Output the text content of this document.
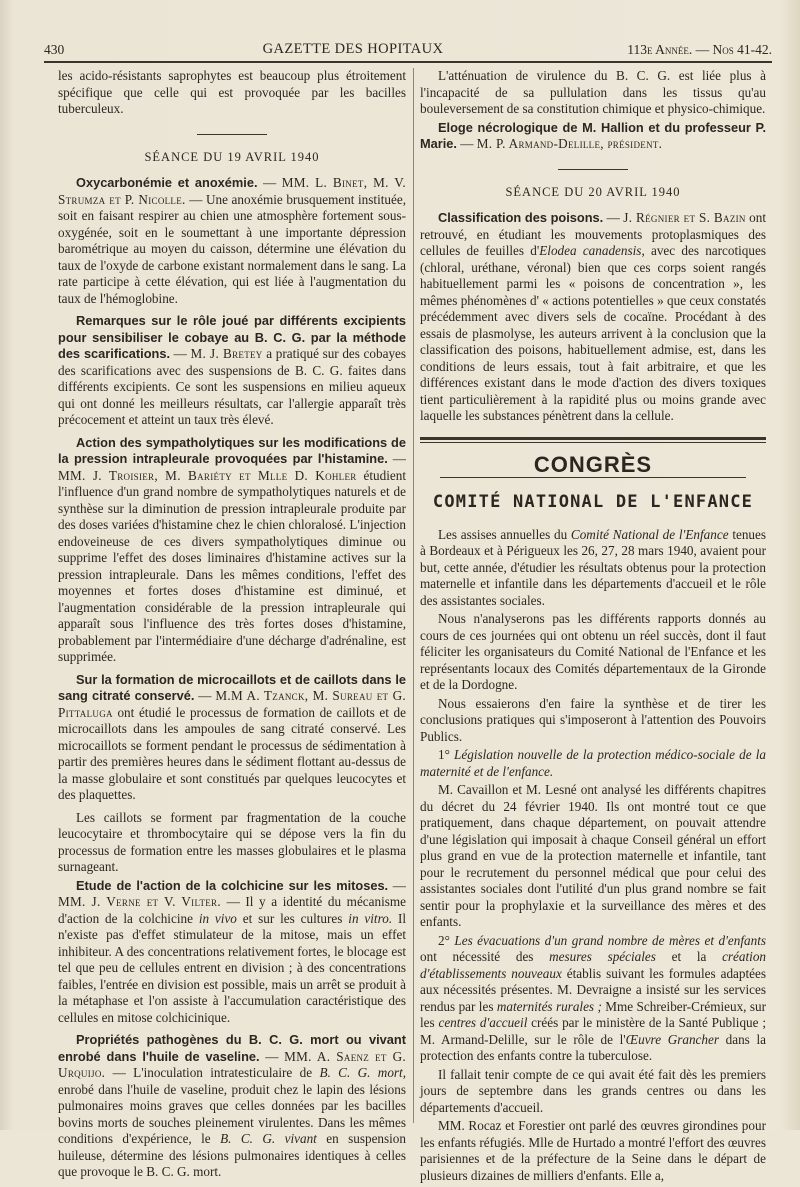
430	GAZETTE DES HOPITAUX	113e Année. — Nos 41-42.

les acido-résistants saprophytes est beaucoup plus étroitement spécifique que celle qui est provoquée par les bacilles tuberculeux.

SÉANCE DU 19 AVRIL 1940

Oxycarbonémie et anoxémie. — MM. L. Binet, M. V. Strumza et P. Nicolle. — Une anoxémie brusquement instituée, soit en faisant respirer au chien une atmosphère fortement sous-oxygénée, soit en le soumettant à une importante dépression barométrique au moyen du caisson, détermine une élévation du taux de l'oxyde de carbone existant normalement dans le sang. La rate participe à cette élévation, qui est liée à l'augmentation du taux de l'hémoglobine.

Remarques sur le rôle joué par différents excipients pour sensibiliser le cobaye au B. C. G. par la méthode des scarifications. — M. J. Bretey a pratiqué sur des cobayes des scarifications avec des suspensions de B. C. G. faites dans différents excipients. Ce sont les suspensions en milieu aqueux qui ont donné les meilleurs résultats, car l'allergie apparaît très précocement et atteint un taux très élevé.

Action des sympatholytiques sur les modifications de la pression intrapleurale provoquées par l'histamine. — MM. J. Troisier, M. Bariéty et Mlle D. Kohler étudient l'influence d'un grand nombre de sympatholytiques naturels et de synthèse sur la diminution de pression intrapleurale produite par des doses variées d'histamine chez le chien chloralosé. L'injection endoveineuse de ces divers sympatholytiques diminue ou supprime l'effet des doses liminaires d'histamine actives sur la pression intrapleurale. Dans les mêmes conditions, l'effet des moyennes et fortes doses d'histamine est diminué, et l'augmentation considérable de la pression intrapleurale qui apparaît sous l'influence des très fortes doses d'histamine, probablement par l'intermédiaire d'une décharge d'adrénaline, est supprimée.

Sur la formation de microcaillots et de caillots dans le sang citraté conservé. — M.M A. Tzanck, M. Sureau et G. Pittaluga ont étudié le processus de formation de caillots et de microcaillots dans les ampoules de sang citraté conservé. Les microcaillots se forment pendant le processus de sédimentation à partir des premières heures dans le sédiment flottant au-dessus de la masse globulaire et sont constitués par quelques leucocytes et des plaquettes.

Les caillots se forment par fragmentation de la couche leucocytaire et thrombocytaire qui se dépose vers la fin du processus de formation entre les masses globulaires et le plasma surnageant.

Etude de l'action de la colchicine sur les mitoses. — MM. J. Verne et V. Vilter. — Il y a identité du mécanisme d'action de la colchicine in vivo et sur les cultures in vitro. Il n'existe pas d'effet stimulateur de la mitose, mais un effet inhibiteur. A des concentrations relativement fortes, le blocage est tel que peu de cellules entrent en division ; à des concentrations faibles, l'entrée en division est possible, mais un arrêt se produit à la métaphase et l'on assiste à l'accumulation caractéristique des cellules en mitose colchicinique.

Propriétés pathogènes du B. C. G. mort ou vivant enrobé dans l'huile de vaseline. — MM. A. Saenz et G. Urquijo. — L'inoculation intratesticulaire de B. C. G. mort, enrobé dans l'huile de vaseline, produit chez le lapin des lésions pulmonaires moins graves que celles données par les bacilles bovins morts de souches pleinement virulentes. Dans les mêmes conditions d'expérience, le B. C. G. vivant en suspension huileuse, détermine des lésions pulmonaires identiques à celles que provoque le B. C. G. mort.

L'atténuation de virulence du B. C. G. est liée plus à l'incapacité de sa pullulation dans les tissus qu'au bouleversement de sa constitution chimique et physico-chimique.

Eloge nécrologique de M. Hallion et du professeur P. Marie. — M. P. Armand-Delille, président.

SÉANCE DU 20 AVRIL 1940

Classification des poisons. — J. Régnier et S. Bazin ont retrouvé, en étudiant les mouvements protoplasmiques des cellules de feuilles d'Elodea canadensis, avec des narcotiques (chloral, uréthane, véronal) bien que ces corps soient rangés habituellement parmi les « poisons de concentration », les mêmes phénomènes d' « actions potentielles » que ceux constatés précédemment avec divers sels de cocaïne. Procédant à des essais de plasmolyse, les auteurs arrivent à la conclusion que la classification des poisons, habituellement admise, est, dans les conditions de leurs essais, tout à fait arbitraire, et que les différences existant dans le mode d'action des divers toxiques tient particulièrement à la rapidité plus ou moins grande avec laquelle les substances pénètrent dans la cellule.

CONGRÈS
COMITÉ NATIONAL DE L'ENFANCE

Les assises annuelles du Comité National de l'Enfance tenues à Bordeaux et à Périgueux les 26, 27, 28 mars 1940, avaient pour but, cette année, d'étudier les résultats obtenus pour la protection maternelle et infantile dans les départements d'accueil et le rôle des assistantes sociales.

Nous n'analyserons pas les différents rapports donnés au cours de ces journées qui ont obtenu un réel succès, dont il faut féliciter les organisateurs du Comité National de l'Enfance et les représentants locaux des Comités départementaux de la Gironde et de la Dordogne.

Nous essaierons d'en faire la synthèse et de tirer les conclusions pratiques qui s'imposeront à l'attention des Pouvoirs Publics.

1° Législation nouvelle de la protection médico-sociale de la maternité et de l'enfance.

M. Cavaillon et M. Lesné ont analysé les différents chapitres du décret du 24 février 1940. Ils ont montré tout ce que pratiquement, dans chaque département, on pouvait attendre d'une législation qui imposait à chaque Conseil général un effort plus grand en vue de la protection maternelle et infantile, tant pour le recrutement du personnel médical que pour celui des assistantes sociales dont l'utilité d'un plus grand nombre se fait sentir pour la prophylaxie et la surveillance des mères et des enfants.

2° Les évacuations d'un grand nombre de mères et d'enfants ont nécessité des mesures spéciales et la création d'établissements nouveaux établis suivant les formules adaptées aux nécessités présentes. M. Devraigne a insisté sur les services rendus par les maternités rurales ; Mme Schreiber-Crémieux, sur les centres d'accueil créés par le ministère de la Santé Publique ; M. Armand-Delille, sur le rôle de l'Œuvre Grancher dans la protection des enfants contre la tuberculose.

Il fallait tenir compte de ce qui avait été fait dès les premiers jours de septembre dans les grands centres ou dans les départements d'accueil.

MM. Rocaz et Forestier ont parlé des œuvres girondines pour les enfants réfugiés. Mlle de Hurtado a montré l'effort des œuvres parisiennes et de la préfecture de la Seine dans le départ de plusieurs dizaines de milliers d'enfants. Elle a,
